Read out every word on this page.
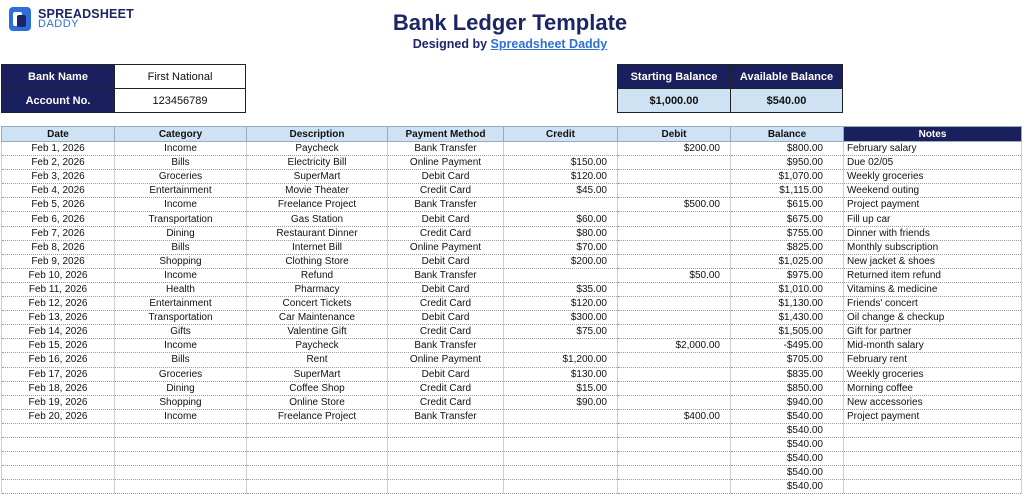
SPREADSHEET
DADDY	Bank Ledger Template
Designed by Spreadsheet Daddy
Bank Name	First National
Account No.	123456789
Starting Balance	Available Balance
$1,000.00	$540.00
Date	Category	Description	Payment Method	Credit	Debit	Balance	Notes
Feb 1, 2026	Income	Paycheck	Bank Transfer		$200.00	$800.00	February salary
Feb 2, 2026	Bills	Electricity Bill	Online Payment	$150.00		$950.00	Due 02/05
Feb 3, 2026	Groceries	SuperMart	Debit Card	$120.00		$1,070.00	Weekly groceries
Feb 4, 2026	Entertainment	Movie Theater	Credit Card	$45.00		$1,115.00	Weekend outing
Feb 5, 2026	Income	Freelance Project	Bank Transfer		$500.00	$615.00	Project payment
Feb 6, 2026	Transportation	Gas Station	Debit Card	$60.00		$675.00	Fill up car
Feb 7, 2026	Dining	Restaurant Dinner	Credit Card	$80.00		$755.00	Dinner with friends
Feb 8, 2026	Bills	Internet Bill	Online Payment	$70.00		$825.00	Monthly subscription
Feb 9, 2026	Shopping	Clothing Store	Debit Card	$200.00		$1,025.00	New jacket & shoes
Feb 10, 2026	Income	Refund	Bank Transfer		$50.00	$975.00	Returned item refund
Feb 11, 2026	Health	Pharmacy	Debit Card	$35.00		$1,010.00	Vitamins & medicine
Feb 12, 2026	Entertainment	Concert Tickets	Credit Card	$120.00		$1,130.00	Friends' concert
Feb 13, 2026	Transportation	Car Maintenance	Debit Card	$300.00		$1,430.00	Oil change & checkup
Feb 14, 2026	Gifts	Valentine Gift	Credit Card	$75.00		$1,505.00	Gift for partner
Feb 15, 2026	Income	Paycheck	Bank Transfer		$2,000.00	-$495.00	Mid-month salary
Feb 16, 2026	Bills	Rent	Online Payment	$1,200.00		$705.00	February rent
Feb 17, 2026	Groceries	SuperMart	Debit Card	$130.00		$835.00	Weekly groceries
Feb 18, 2026	Dining	Coffee Shop	Credit Card	$15.00		$850.00	Morning coffee
Feb 19, 2026	Shopping	Online Store	Credit Card	$90.00		$940.00	New accessories
Feb 20, 2026	Income	Freelance Project	Bank Transfer		$400.00	$540.00	Project payment
						$540.00	
						$540.00	
						$540.00	
						$540.00	
						$540.00	
